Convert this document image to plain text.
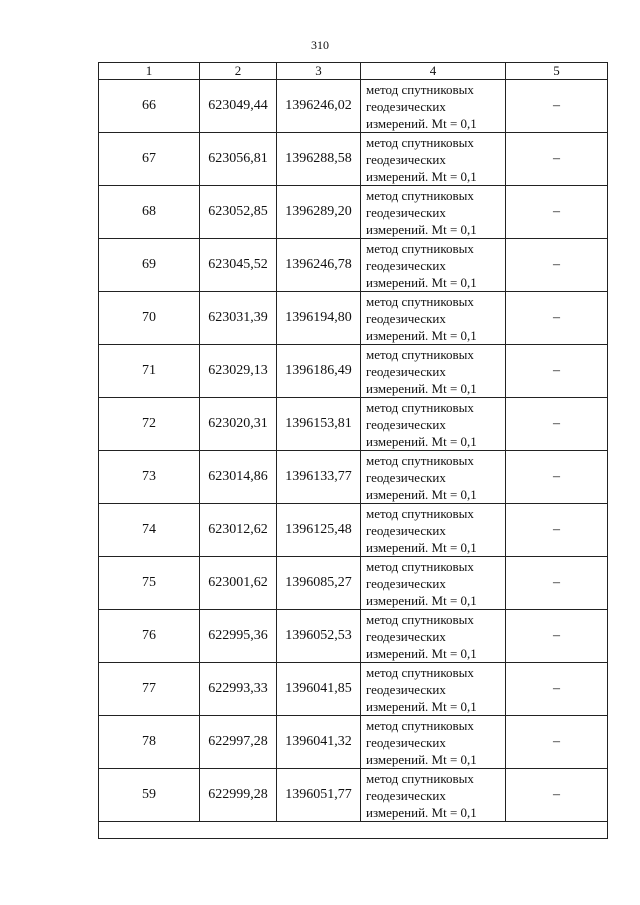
310
1	2	3	4	5
66	623049,44	1396246,02	метод спутниковых
геодезических
измерений. Mt = 0,1	–
67	623056,81	1396288,58	метод спутниковых
геодезических
измерений. Mt = 0,1	–
68	623052,85	1396289,20	метод спутниковых
геодезических
измерений. Mt = 0,1	–
69	623045,52	1396246,78	метод спутниковых
геодезических
измерений. Mt = 0,1	–
70	623031,39	1396194,80	метод спутниковых
геодезических
измерений. Mt = 0,1	–
71	623029,13	1396186,49	метод спутниковых
геодезических
измерений. Mt = 0,1	–
72	623020,31	1396153,81	метод спутниковых
геодезических
измерений. Mt = 0,1	–
73	623014,86	1396133,77	метод спутниковых
геодезических
измерений. Mt = 0,1	–
74	623012,62	1396125,48	метод спутниковых
геодезических
измерений. Mt = 0,1	–
75	623001,62	1396085,27	метод спутниковых
геодезических
измерений. Mt = 0,1	–
76	622995,36	1396052,53	метод спутниковых
геодезических
измерений. Mt = 0,1	–
77	622993,33	1396041,85	метод спутниковых
геодезических
измерений. Mt = 0,1	–
78	622997,28	1396041,32	метод спутниковых
геодезических
измерений. Mt = 0,1	–
59	622999,28	1396051,77	метод спутниковых
геодезических
измерений. Mt = 0,1	–
